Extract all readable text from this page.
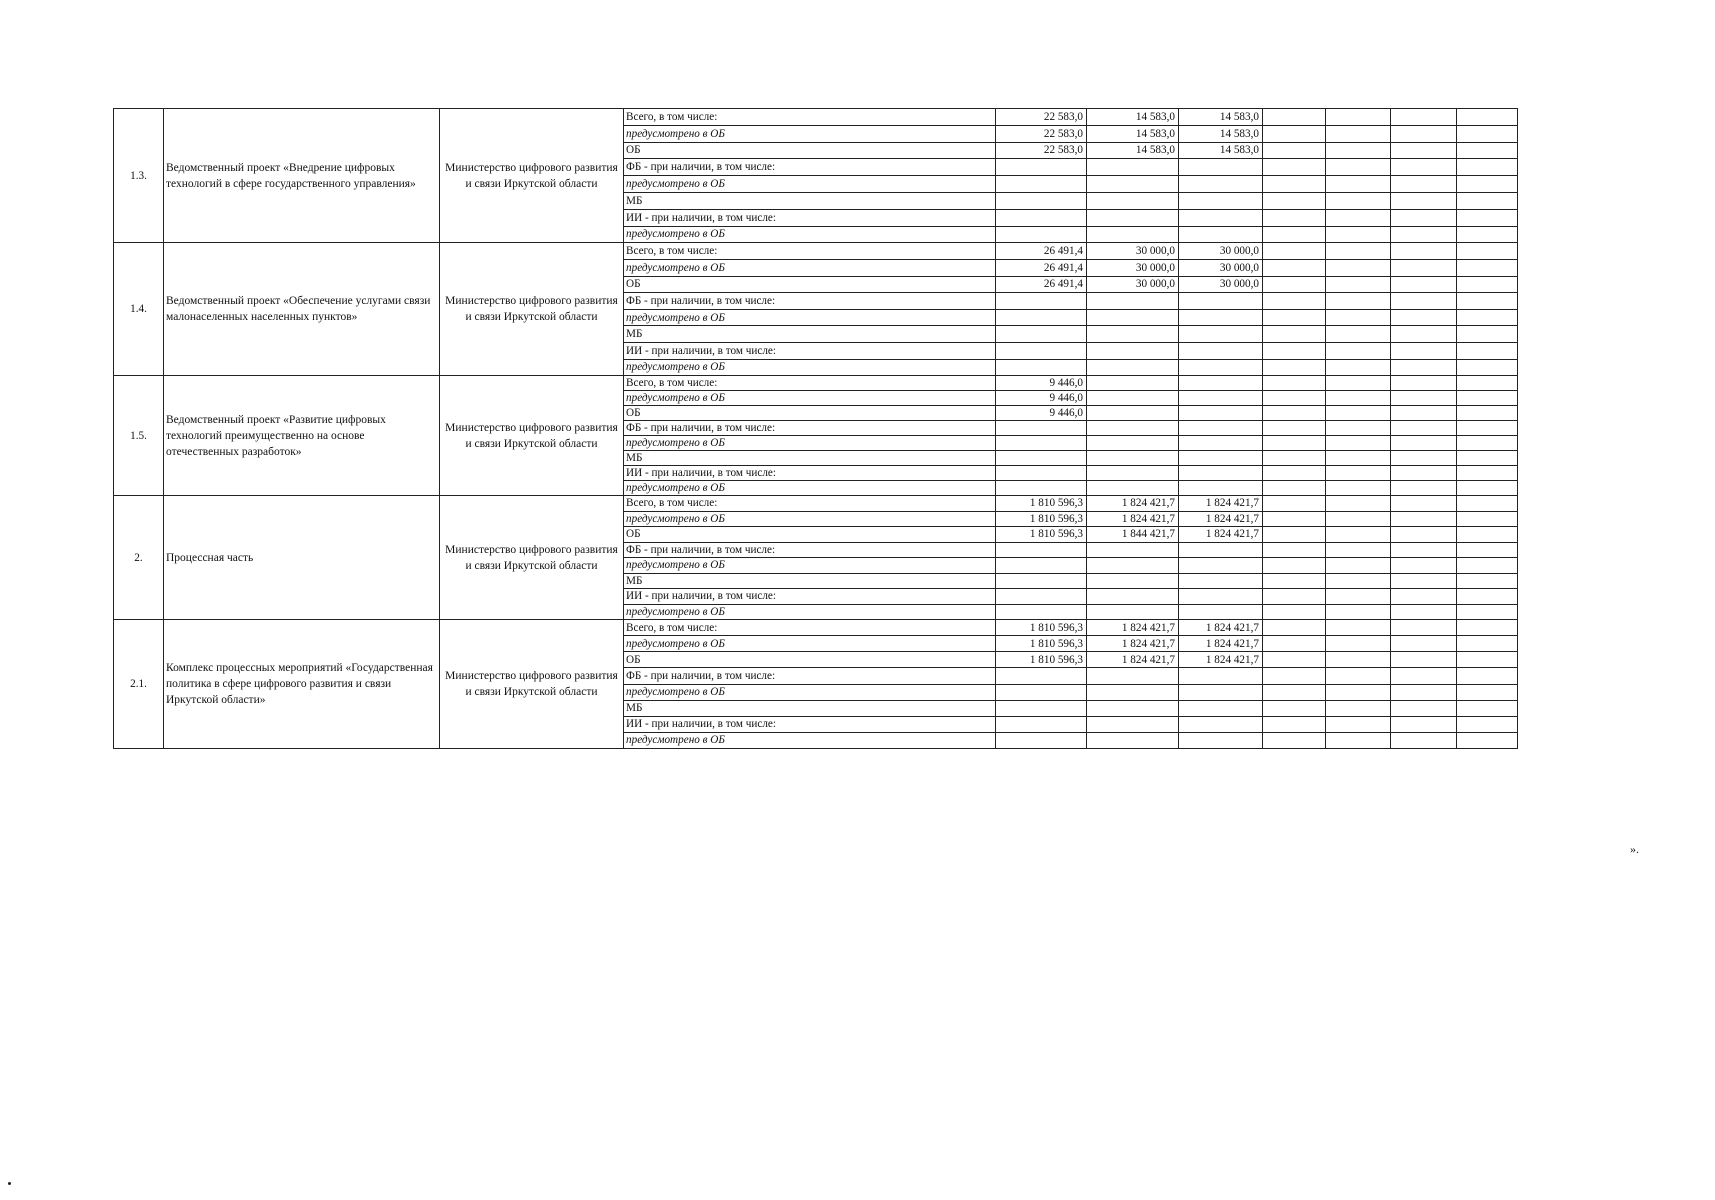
1.3.	Ведомственный проект «Внедрение цифровых технологий в сфере государственного управления»	Министерство цифрового развития и связи Иркутской области	Всего, в том числе:	22 583,0	14 583,0	14 583,0				
			предусмотрено в ОБ	22 583,0	14 583,0	14 583,0				
			ОБ	22 583,0	14 583,0	14 583,0				
			ФБ - при наличии, в том числе:							
			предусмотрено в ОБ							
			МБ							
			ИИ - при наличии, в том числе:							
			предусмотрено в ОБ							
1.4.	Ведомственный проект «Обеспечение услугами связи малонаселенных населенных пунктов»	Министерство цифрового развития и связи Иркутской области	Всего, в том числе:	26 491,4	30 000,0	30 000,0				
			предусмотрено в ОБ	26 491,4	30 000,0	30 000,0				
			ОБ	26 491,4	30 000,0	30 000,0				
			ФБ - при наличии, в том числе:							
			предусмотрено в ОБ							
			МБ							
			ИИ - при наличии, в том числе:							
			предусмотрено в ОБ							
1.5.	Ведомственный проект «Развитие цифровых технологий преимущественно на основе отечественных разработок»	Министерство цифрового развития и связи Иркутской области	Всего, в том числе:	9 446,0						
			предусмотрено в ОБ	9 446,0						
			ОБ	9 446,0						
			ФБ - при наличии, в том числе:							
			предусмотрено в ОБ							
			МБ							
			ИИ - при наличии, в том числе:							
			предусмотрено в ОБ							
2.	Процессная часть	Министерство цифрового развития и связи Иркутской области	Всего, в том числе:	1 810 596,3	1 824 421,7	1 824 421,7				
			предусмотрено в ОБ	1 810 596,3	1 824 421,7	1 824 421,7				
			ОБ	1 810 596,3	1 844 421,7	1 824 421,7				
			ФБ - при наличии, в том числе:							
			предусмотрено в ОБ							
			МБ							
			ИИ - при наличии, в том числе:							
			предусмотрено в ОБ							
2.1.	Комплекс процессных мероприятий «Государственная политика в сфере цифрового развития и связи Иркутской области»	Министерство цифрового развития и связи Иркутской области	Всего, в том числе:	1 810 596,3	1 824 421,7	1 824 421,7				
			предусмотрено в ОБ	1 810 596,3	1 824 421,7	1 824 421,7				
			ОБ	1 810 596,3	1 824 421,7	1 824 421,7				
			ФБ - при наличии, в том числе:							
			предусмотрено в ОБ							
			МБ							
			ИИ - при наличии, в том числе:							
			предусмотрено в ОБ							
».
